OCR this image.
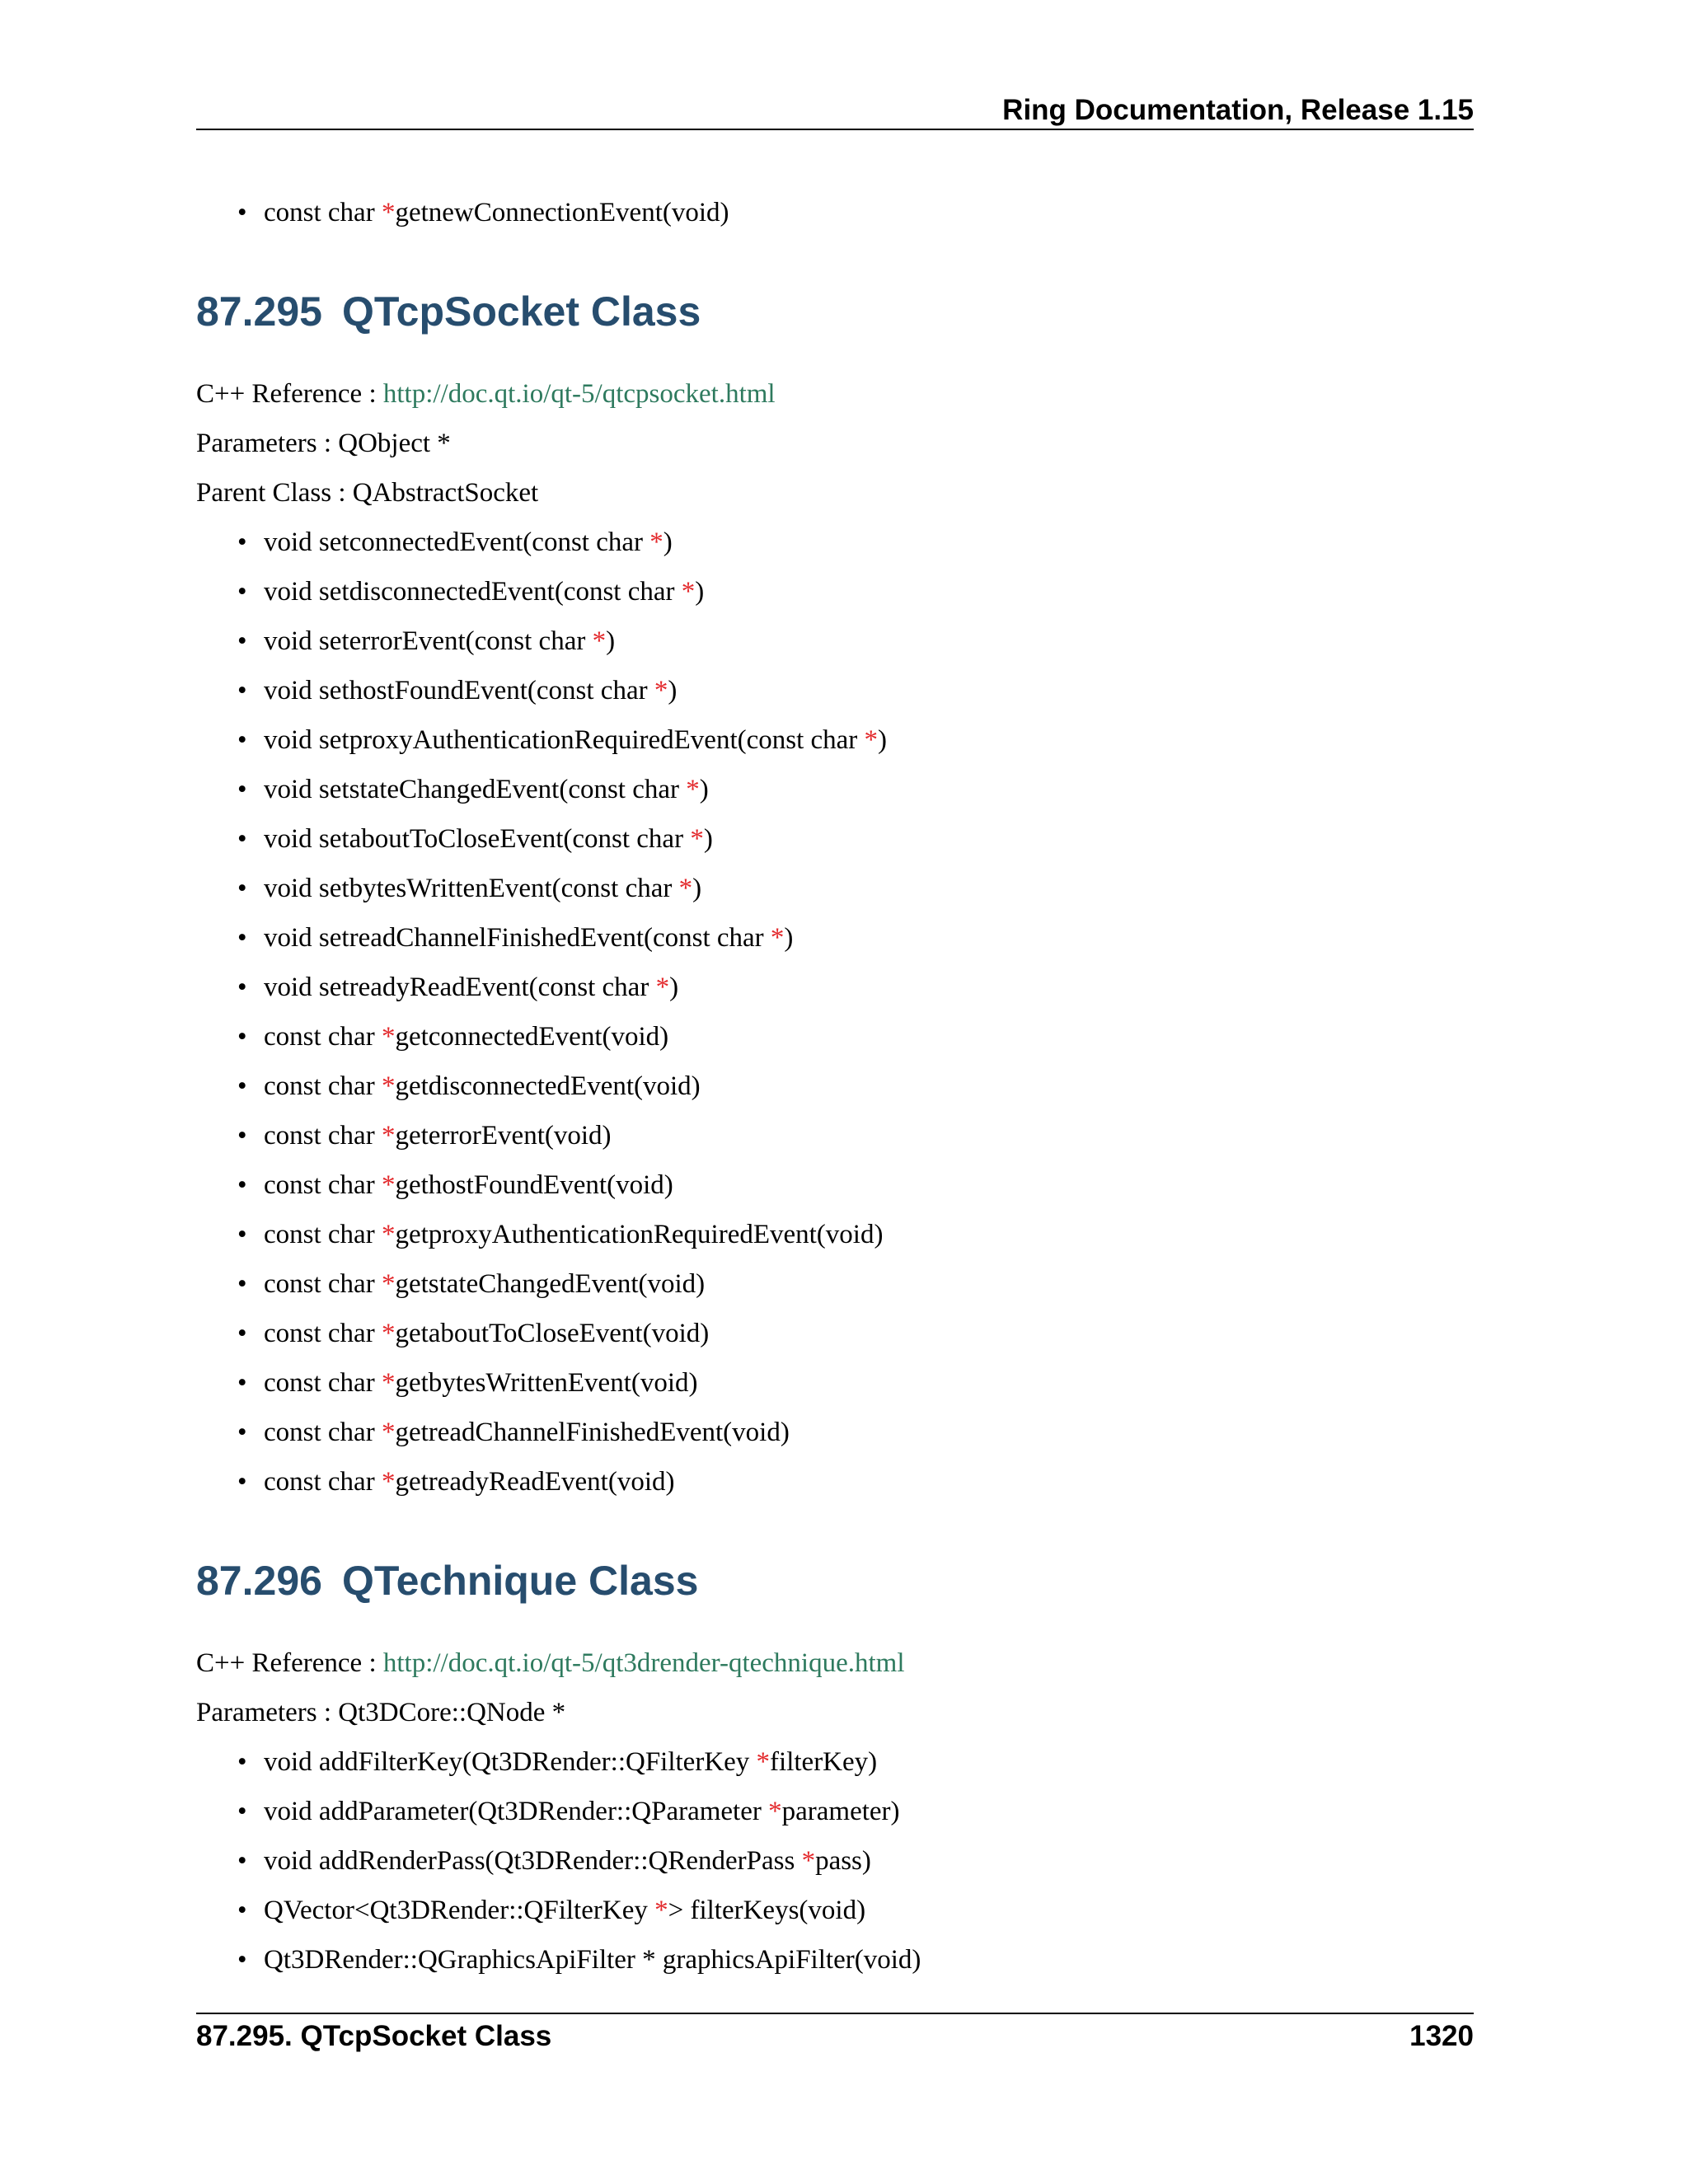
Ring Documentation, Release 1.15
• const char *getnewConnectionEvent(void)
87.295 QTcpSocket Class
C++ Reference : http://doc.qt.io/qt-5/qtcpsocket.html
Parameters : QObject *
Parent Class : QAbstractSocket
• void setconnectedEvent(const char *)
• void setdisconnectedEvent(const char *)
• void seterrorEvent(const char *)
• void sethostFoundEvent(const char *)
• void setproxyAuthenticationRequiredEvent(const char *)
• void setstateChangedEvent(const char *)
• void setaboutToCloseEvent(const char *)
• void setbytesWrittenEvent(const char *)
• void setreadChannelFinishedEvent(const char *)
• void setreadyReadEvent(const char *)
• const char *getconnectedEvent(void)
• const char *getdisconnectedEvent(void)
• const char *geterrorEvent(void)
• const char *gethostFoundEvent(void)
• const char *getproxyAuthenticationRequiredEvent(void)
• const char *getstateChangedEvent(void)
• const char *getaboutToCloseEvent(void)
• const char *getbytesWrittenEvent(void)
• const char *getreadChannelFinishedEvent(void)
• const char *getreadyReadEvent(void)
87.296 QTechnique Class
C++ Reference : http://doc.qt.io/qt-5/qt3drender-qtechnique.html
Parameters : Qt3DCore::QNode *
• void addFilterKey(Qt3DRender::QFilterKey *filterKey)
• void addParameter(Qt3DRender::QParameter *parameter)
• void addRenderPass(Qt3DRender::QRenderPass *pass)
• QVector<Qt3DRender::QFilterKey *> filterKeys(void)
• Qt3DRender::QGraphicsApiFilter * graphicsApiFilter(void)
87.295. QTcpSocket Class	1320
